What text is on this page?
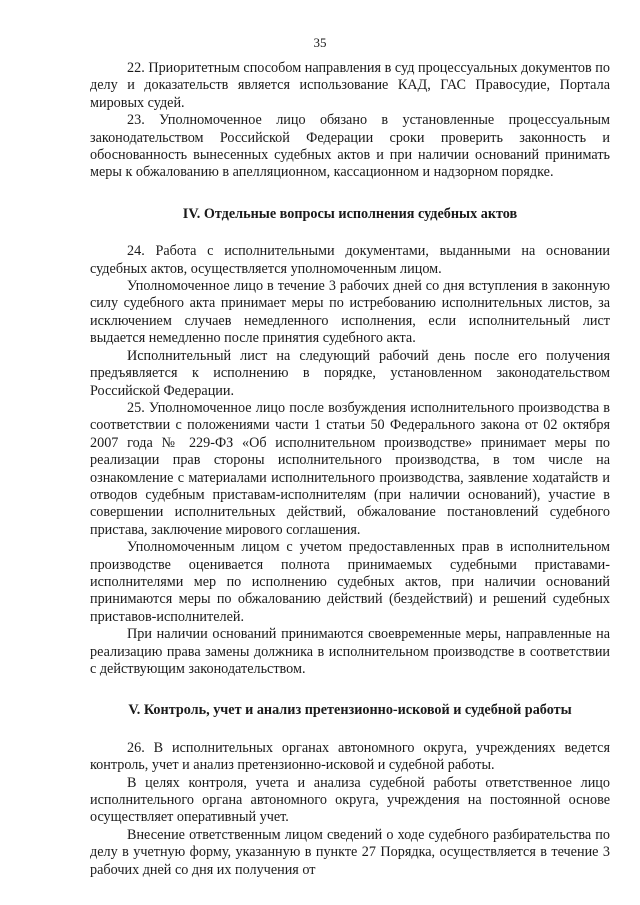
35

22. Приоритетным способом направления в суд процессуальных документов по делу и доказательств является использование КАД, ГАС Правосудие, Портала мировых судей.

23. Уполномоченное лицо обязано в установленные процессуальным законодательством Российской Федерации сроки проверить законность и обоснованность вынесенных судебных актов и при наличии оснований принимать меры к обжалованию в апелляционном, кассационном и надзорном порядке.

IV. Отдельные вопросы исполнения судебных актов

24. Работа с исполнительными документами, выданными на основании судебных актов, осуществляется уполномоченным лицом.

Уполномоченное лицо в течение 3 рабочих дней со дня вступления в законную силу судебного акта принимает меры по истребованию исполнительных листов, за исключением случаев немедленного исполнения, если исполнительный лист выдается немедленно после принятия судебного акта.

Исполнительный лист на следующий рабочий день после его получения предъявляется к исполнению в порядке, установленном законодательством Российской Федерации.

25. Уполномоченное лицо после возбуждения исполнительного производства в соответствии с положениями части 1 статьи 50 Федерального закона от 02 октября 2007 года № 229-ФЗ «Об исполнительном производстве» принимает меры по реализации прав стороны исполнительного производства, в том числе на ознакомление с материалами исполнительного производства, заявление ходатайств и отводов судебным приставам-исполнителям (при наличии оснований), участие в совершении исполнительных действий, обжалование постановлений судебного пристава, заключение мирового соглашения.

Уполномоченным лицом с учетом предоставленных прав в исполнительном производстве оценивается полнота принимаемых судебными приставами-исполнителями мер по исполнению судебных актов, при наличии оснований принимаются меры по обжалованию действий (бездействий) и решений судебных приставов-исполнителей.

При наличии оснований принимаются своевременные меры, направленные на реализацию права замены должника в исполнительном производстве в соответствии с действующим законодательством.

V. Контроль, учет и анализ претензионно-исковой и судебной работы

26. В исполнительных органах автономного округа, учреждениях ведется контроль, учет и анализ претензионно-исковой и судебной работы.

В целях контроля, учета и анализа судебной работы ответственное лицо исполнительного органа автономного округа, учреждения на постоянной основе осуществляет оперативный учет.

Внесение ответственным лицом сведений о ходе судебного разбирательства по делу в учетную форму, указанную в пункте 27 Порядка, осуществляется в течение 3 рабочих дней со дня их получения от
